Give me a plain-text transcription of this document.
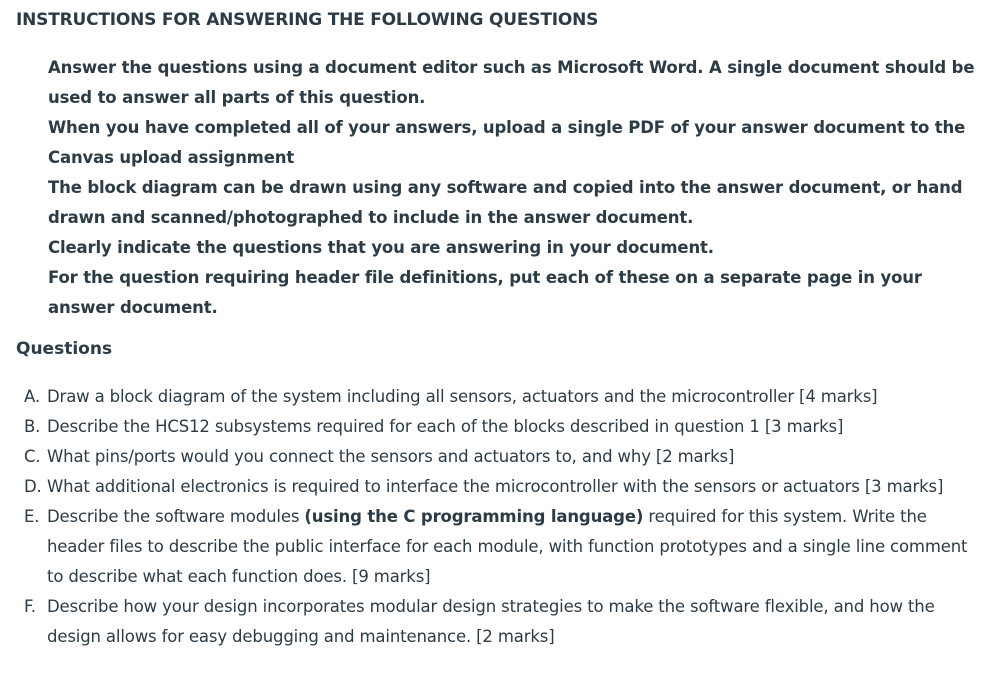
INSTRUCTIONS FOR ANSWERING THE FOLLOWING QUESTIONS

Answer the questions using a document editor such as Microsoft Word. A single document should be used to answer all parts of this question.

When you have completed all of your answers, upload a single PDF of your answer document to the Canvas upload assignment

The block diagram can be drawn using any software and copied into the answer document, or hand drawn and scanned/photographed to include in the answer document.

Clearly indicate the questions that you are answering in your document.

For the question requiring header file definitions, put each of these on a separate page in your answer document.

Questions
A. Draw a block diagram of the system including all sensors, actuators and the microcontroller [4 marks]
B. Describe the HCS12 subsystems required for each of the blocks described in question 1 [3 marks]
C. What pins/ports would you connect the sensors and actuators to, and why [2 marks]
D. What additional electronics is required to interface the microcontroller with the sensors or actuators [3 marks]
E. Describe the software modules (using the C programming language) required for this system. Write the header files to describe the public interface for each module, with function prototypes and a single line comment to describe what each function does. [9 marks]
F. Describe how your design incorporates modular design strategies to make the software flexible, and how the design allows for easy debugging and maintenance. [2 marks]
